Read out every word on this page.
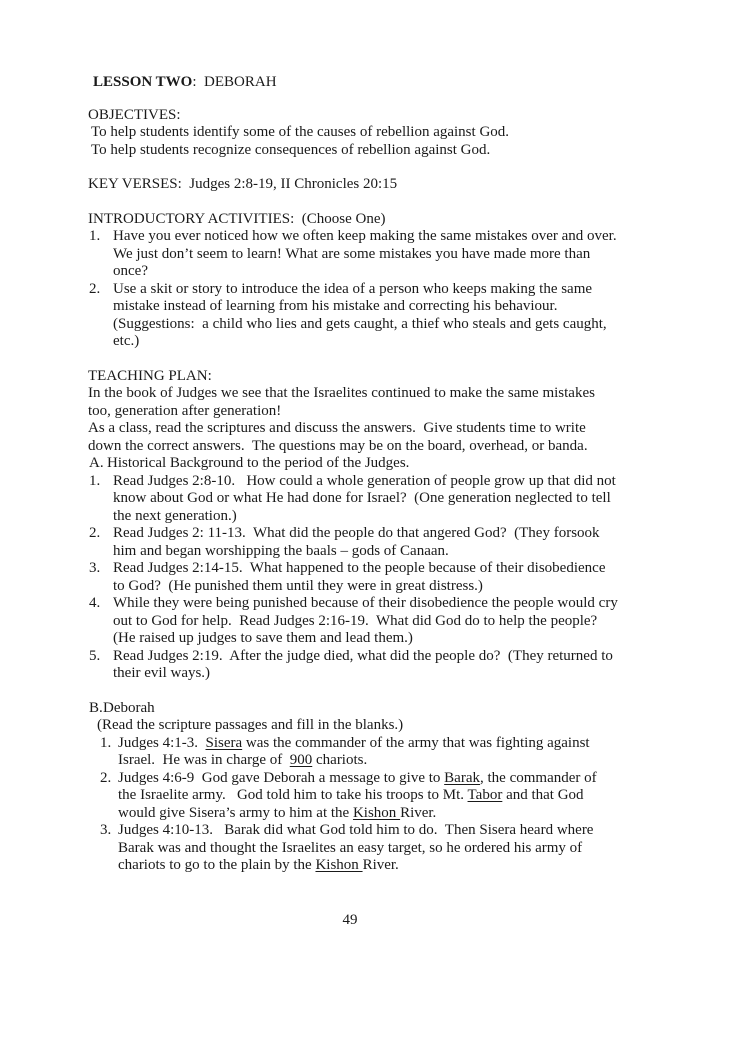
LESSON TWO:  DEBORAH
OBJECTIVES:
To help students identify some of the causes of rebellion against God.
To help students recognize consequences of rebellion against God.
KEY VERSES:  Judges 2:8-19, II Chronicles 20:15
INTRODUCTORY ACTIVITIES:  (Choose One)
1. Have you ever noticed how we often keep making the same mistakes over and over.  We just don’t seem to learn! What are some mistakes you have made more than once?
2. Use a skit or story to introduce the idea of a person who keeps making the same mistake instead of learning from his mistake and correcting his behaviour.  (Suggestions:  a child who lies and gets caught, a thief who steals and gets caught, etc.)
TEACHING PLAN:
In the book of Judges we see that the Israelites continued to make the same mistakes too, generation after generation!
As a class, read the scriptures and discuss the answers.  Give students time to write down the correct answers.  The questions may be on the board, overhead, or banda.
A. Historical Background to the period of the Judges.
1. Read Judges 2:8-10.   How could a whole generation of people grow up that did not know about God or what He had done for Israel?  (One generation neglected to tell the next generation.)
2. Read Judges 2: 11-13.  What did the people do that angered God?  (They forsook him and began worshipping the baals – gods of Canaan.
3. Read Judges 2:14-15.  What happened to the people because of their disobedience to God?  (He punished them until they were in great distress.)
4. While they were being punished because of their disobedience the people would cry out to God for help.  Read Judges 2:16-19.  What did God do to help the people?  (He raised up judges to save them and lead them.)
5. Read Judges 2:19.  After the judge died, what did the people do?  (They returned to their evil ways.)
B. Deborah
(Read the scripture passages and fill in the blanks.)
1. Judges 4:1-3.  Sisera was the commander of the army that was fighting against Israel.  He was in charge of  900 chariots.
2. Judges 4:6-9  God gave Deborah a message to give to Barak, the commander of the Israelite army.   God told him to take his troops to Mt. Tabor and that God would give Sisera’s army to him at the Kishon River.
3. Judges 4:10-13.   Barak did what God told him to do.  Then Sisera heard where Barak was and thought the Israelites an easy target, so he ordered his army of chariots to go to the plain by the Kishon River.
49
